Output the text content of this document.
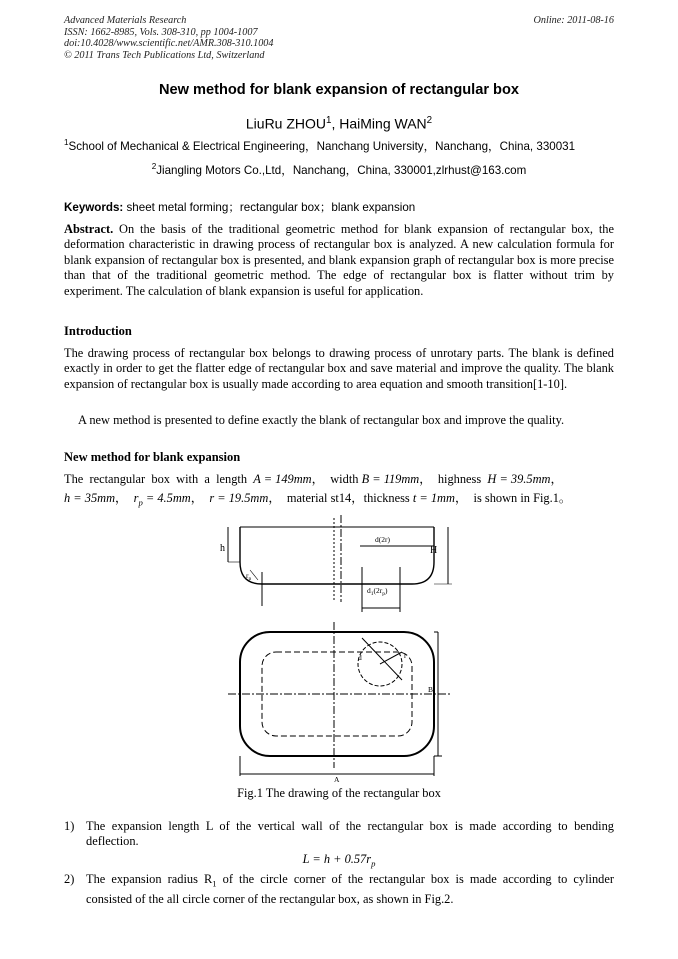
Advanced Materials Research
ISSN: 1662-8985, Vols. 308-310, pp 1004-1007
doi:10.4028/www.scientific.net/AMR.308-310.1004
© 2011 Trans Tech Publications Ltd, Switzerland
Online: 2011-08-16
New method for blank expansion of rectangular box
LiuRu ZHOU$^1$, HaiMing WAN$^2$
$^1$School of Mechanical & Electrical Engineering，Nanchang University，Nanchang，China, 330031
$^2$Jiangling Motors Co.,Ltd，Nanchang，China, 330001,zlrhust@163.com
Keywords: sheet metal forming；rectangular box；blank expansion
Abstract. On the basis of the traditional geometric method for blank expansion of rectangular box, the deformation characteristic in drawing process of rectangular box is analyzed. A new calculation formula for blank expansion of rectangular box is presented, and blank expansion graph of rectangular box is more precise than that of the traditional geometric method. The edge of rectangular box is flatter without trim by experiment. The calculation of blank expansion is useful for application.
Introduction
The drawing process of rectangular box belongs to drawing process of unrotary parts. The blank is defined exactly in order to get the flatter edge of rectangular box and save material and improve the quality. The blank expansion of rectangular box is usually made according to area equation and smooth transition[1-10].
A new method is presented to define exactly the blank of rectangular box and improve the quality.
New method for blank expansion
The  rectangular  box  with  a  length  A = 149mm，  width B = 119mm，  highness  H = 39.5mm，
h = 35mm，  $r_p = 4.5mm$，  r = 19.5mm，  material st14，thickness t = 1mm，  is shown in Fig.1。
h	H
d(2r)
$d_1(2r_p)$
$r_p$
B
A
d	r
Fig.1 The drawing of the rectangular box
1) The expansion length L of the vertical wall of the rectangular box is made according to bending deflection.
$L = h + 0.57r_p$
2) The expansion radius $R_1$ of the circle corner of the rectangular box is made according to cylinder consisted of the all circle corner of the rectangular box, as shown in Fig.2.
